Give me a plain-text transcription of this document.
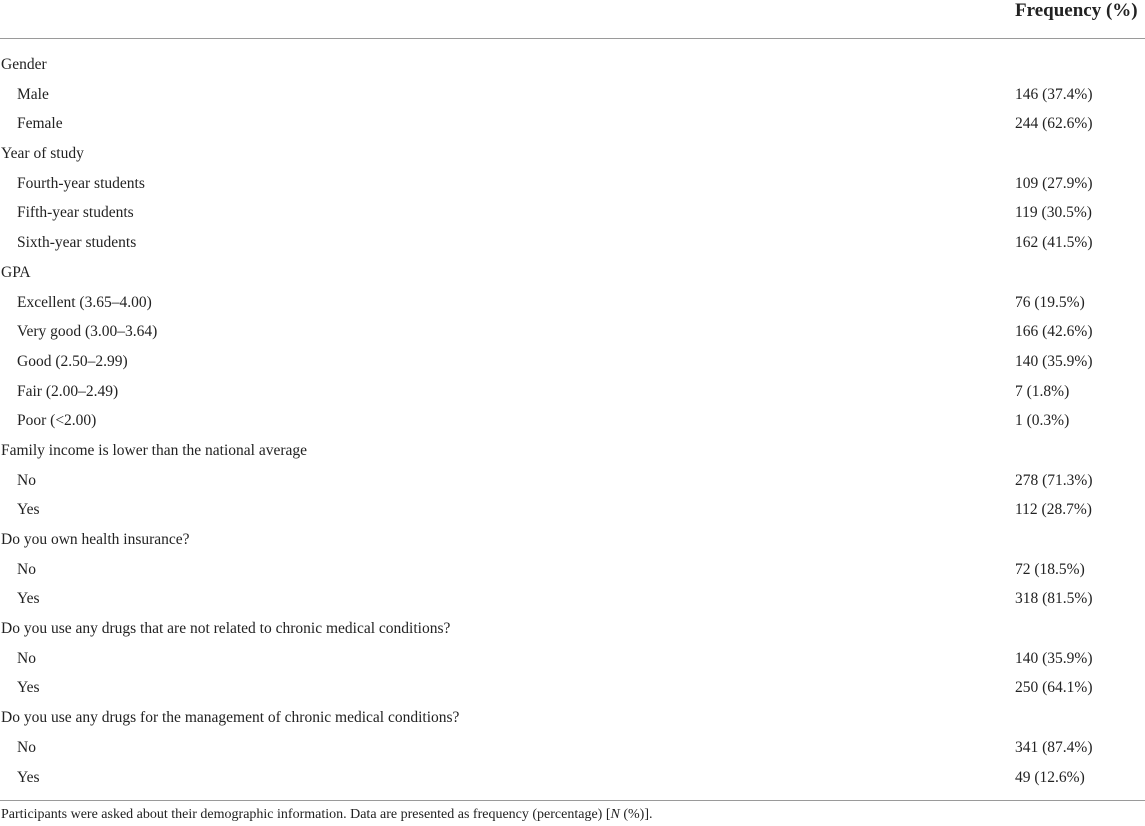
Frequency (%)
Gender
Male	146 (37.4%)
Female	244 (62.6%)
Year of study
Fourth-year students	109 (27.9%)
Fifth-year students	119 (30.5%)
Sixth-year students	162 (41.5%)
GPA
Excellent (3.65–4.00)	76 (19.5%)
Very good (3.00–3.64)	166 (42.6%)
Good (2.50–2.99)	140 (35.9%)
Fair (2.00–2.49)	7 (1.8%)
Poor (<2.00)	1 (0.3%)
Family income is lower than the national average
No	278 (71.3%)
Yes	112 (28.7%)
Do you own health insurance?
No	72 (18.5%)
Yes	318 (81.5%)
Do you use any drugs that are not related to chronic medical conditions?
No	140 (35.9%)
Yes	250 (64.1%)
Do you use any drugs for the management of chronic medical conditions?
No	341 (87.4%)
Yes	49 (12.6%)
Participants were asked about their demographic information. Data are presented as frequency (percentage) [N (%)].
